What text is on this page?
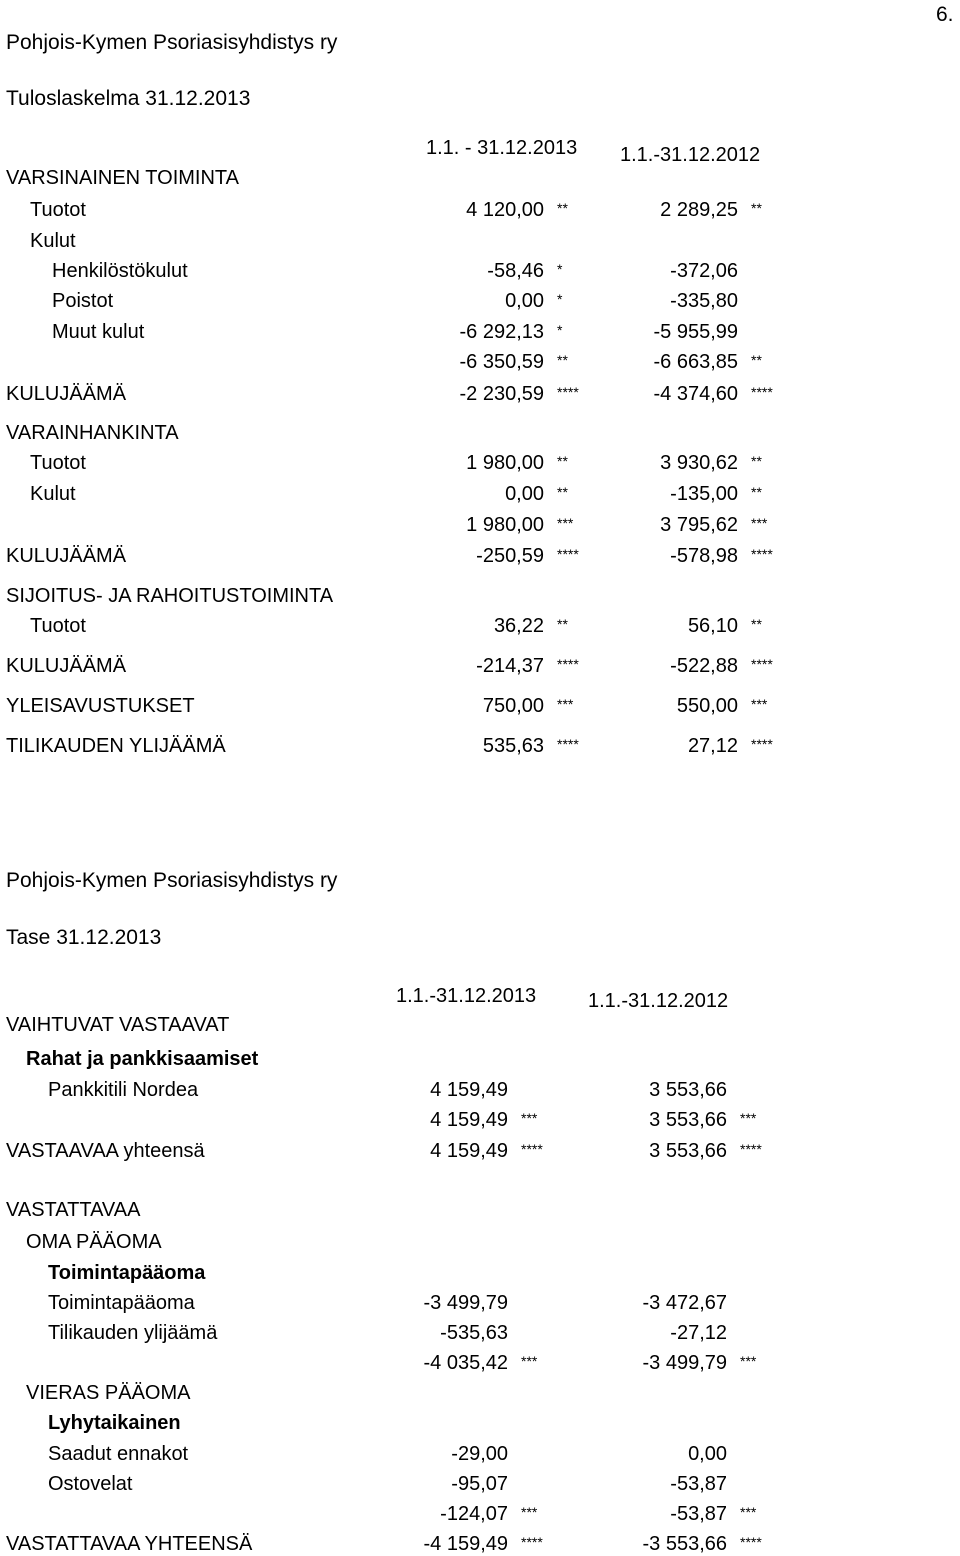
6.
Pohjois-Kymen Psoriasisyhdistys ry
Tuloslaskelma 31.12.2013
1.1. - 31.12.2013 1.1.-31.12.2012
VARSINAINEN TOIMINTA
Tuotot	4 120,00 **	2 289,25 **
Kulut
Henkilöstökulut	-58,46 *	-372,06
Poistot	0,00 *	-335,80
Muut kulut	-6 292,13 *	-5 955,99
-6 350,59 **	-6 663,85 **
KULUJÄÄMÄ	-2 230,59 ****	-4 374,60 ****
VARAINHANKINTA
Tuotot	1 980,00 **	3 930,62 **
Kulut	0,00 **	-135,00 **
1 980,00 ***	3 795,62 ***
KULUJÄÄMÄ	-250,59 ****	-578,98 ****
SIJOITUS- JA RAHOITUSTOIMINTA
Tuotot	36,22 **	56,10 **
KULUJÄÄMÄ	-214,37 ****	-522,88 ****
YLEISAVUSTUKSET	750,00 ***	550,00 ***
TILIKAUDEN YLIJÄÄMÄ	535,63 ****	27,12 ****
Pohjois-Kymen Psoriasisyhdistys ry
Tase 31.12.2013
1.1.-31.12.2013	1.1.-31.12.2012
VAIHTUVAT VASTAAVAT
Rahat ja pankkisaamiset
Pankkitili Nordea	4 159,49	3 553,66
4 159,49 ***	3 553,66 ***
VASTAAVAA yhteensä	4 159,49 ****	3 553,66 ****
VASTATTAVAA
OMA PÄÄOMA
Toimintapääoma
Toimintapääoma	-3 499,79	-3 472,67
Tilikauden ylijäämä	-535,63	-27,12
-4 035,42 ***	-3 499,79 ***
VIERAS PÄÄOMA
Lyhytaikainen
Saadut ennakot	-29,00	0,00
Ostovelat	-95,07	-53,87
-124,07 ***	-53,87 ***
VASTATTAVAA YHTEENSÄ	-4 159,49 ****	-3 553,66 ****
